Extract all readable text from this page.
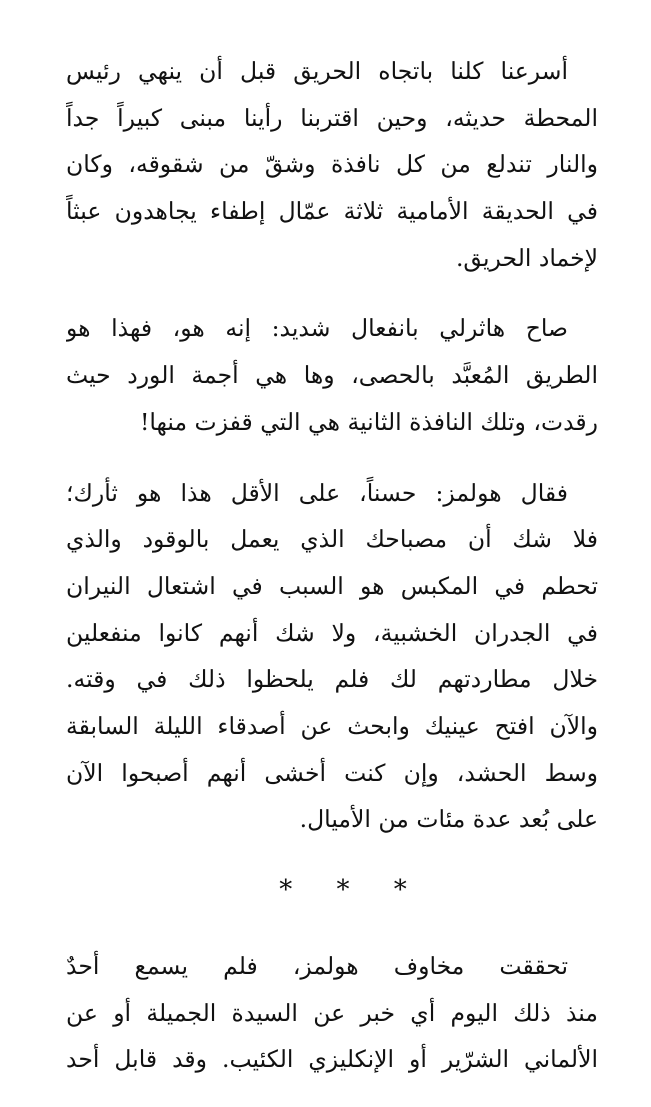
أسرعنا كلنا باتجاه الحريق قبل أن ينهي رئيس
المحطة حديثه، وحين اقتربنا رأينا مبنى كبيراً جداً
والنار تندلع من كل نافذة وشقّ من شقوقه، وكان
في الحديقة الأمامية ثلاثة عمّال إطفاء يجاهدون عبثاً
لإخماد الحريق.
صاح هاثرلي بانفعال شديد: إنه هو، فهذا هو
الطريق المُعبَّد بالحصى، وها هي أجمة الورد حيث
رقدت، وتلك النافذة الثانية هي التي قفزت منها!
فقال هولمز: حسناً، على الأقل هذا هو ثأرك؛
فلا شك أن مصباحك الذي يعمل بالوقود والذي
تحطم في المكبس هو السبب في اشتعال النيران
في الجدران الخشبية، ولا شك أنهم كانوا منفعلين
خلال مطاردتهم لك فلم يلحظوا ذلك في وقته.
والآن افتح عينيك وابحث عن أصدقاء الليلة السابقة
وسط الحشد، وإن كنت أخشى أنهم أصبحوا الآن
على بُعد عدة مئات من الأميال.
* * *
تحققت مخاوف هولمز، فلم يسمع أحدٌ
منذ ذلك اليوم أي خبر عن السيدة الجميلة أو عن
الألماني الشرّير أو الإنكليزي الكئيب. وقد قابل أحد
